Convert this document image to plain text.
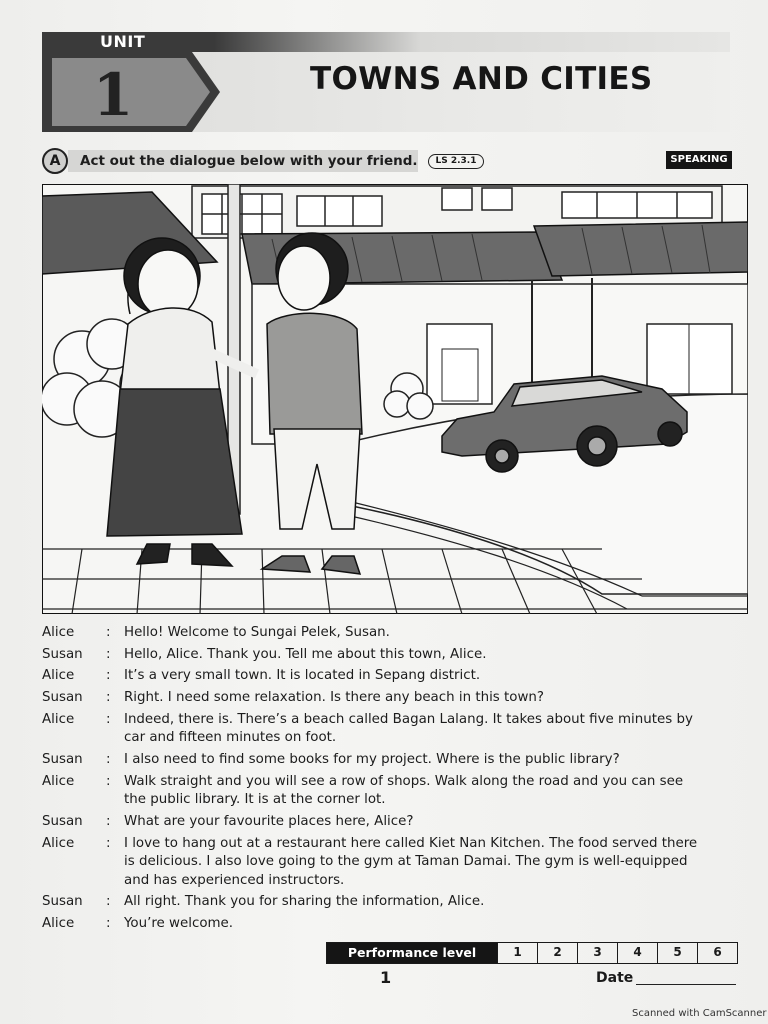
UNIT
1	TOWNS AND CITIES
A	Act out the dialogue below with your friend.	LS 2.3.1	SPEAKING
Alice	:	Hello! Welcome to Sungai Pelek, Susan.
Susan	:	Hello, Alice. Thank you. Tell me about this town, Alice.
Alice	:	It’s a very small town. It is located in Sepang district.
Susan	:	Right. I need some relaxation. Is there any beach in this town?
Alice	:	Indeed, there is. There’s a beach called Bagan Lalang. It takes about five minutes by
car and fifteen minutes on foot.
Susan	:	I also need to find some books for my project. Where is the public library?
Alice	:	Walk straight and you will see a row of shops. Walk along the road and you can see
the public library. It is at the corner lot.
Susan	:	What are your favourite places here, Alice?
Alice	:	I love to hang out at a restaurant here called Kiet Nan Kitchen. The food served there
is delicious. I also love going to the gym at Taman Damai. The gym is well-equipped
and has experienced instructors.
Susan	:	All right. Thank you for sharing the information, Alice.
Alice	:	You’re welcome.
Performance level	1	2	3	4	5	6
1	Date
Scanned with CamScanner
